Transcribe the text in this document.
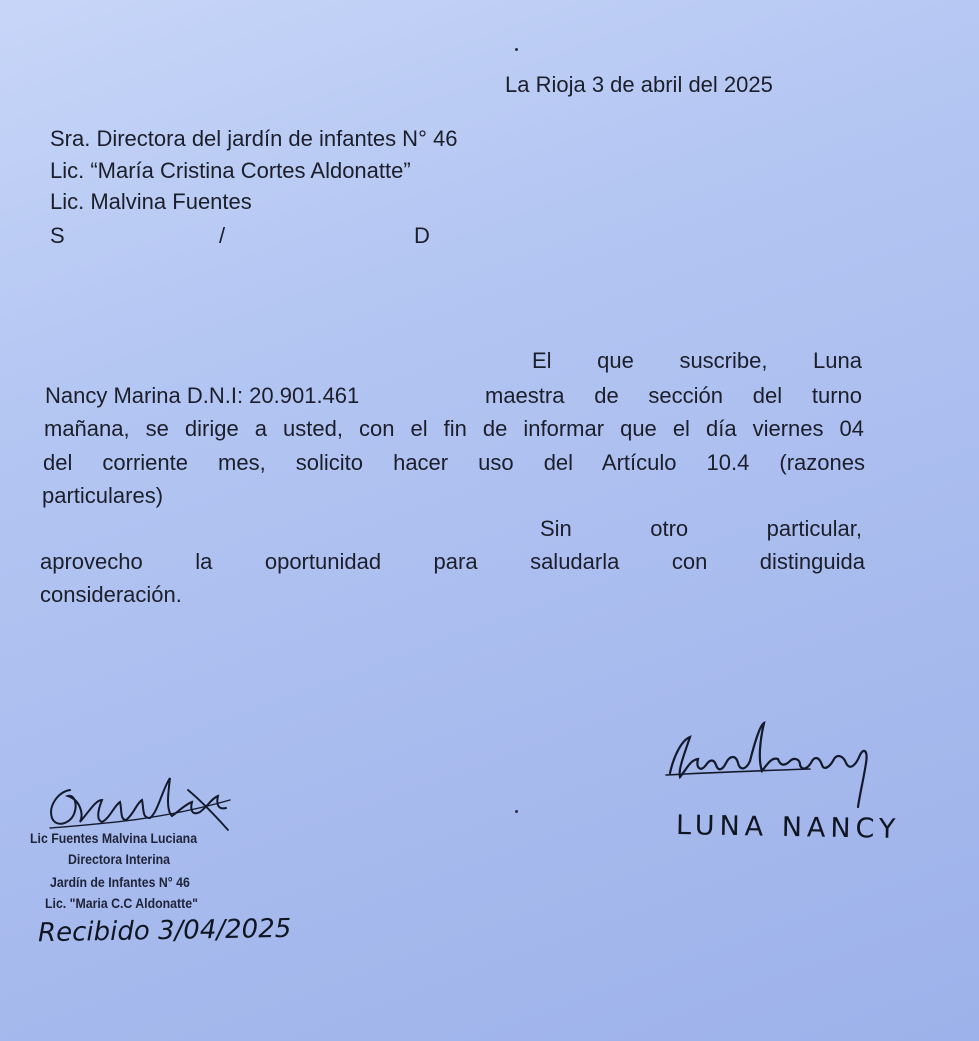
La Rioja 3 de abril del 2025
Sra. Directora del jardín de infantes N° 46
Lic. “María Cristina Cortes Aldonatte”
Lic. Malvina Fuentes
S	/	D
El que suscribe, Luna
Nancy Marina D.N.I: 20.901.461	maestra de sección del turno
mañana, se dirige a usted, con el fin de informar que el día viernes 04
del corriente mes, solicito hacer uso del Artículo 10.4 (razones
particulares)
Sin otro particular,
aprovecho la oportunidad para saludarla con distinguida
consideración.
LUNA NANCY
Lic Fuentes Malvina Luciana
Directora Interina
Jardín de Infantes N° 46
Lic. "Maria C.C Aldonatte"
Recibido 3/04/2025
